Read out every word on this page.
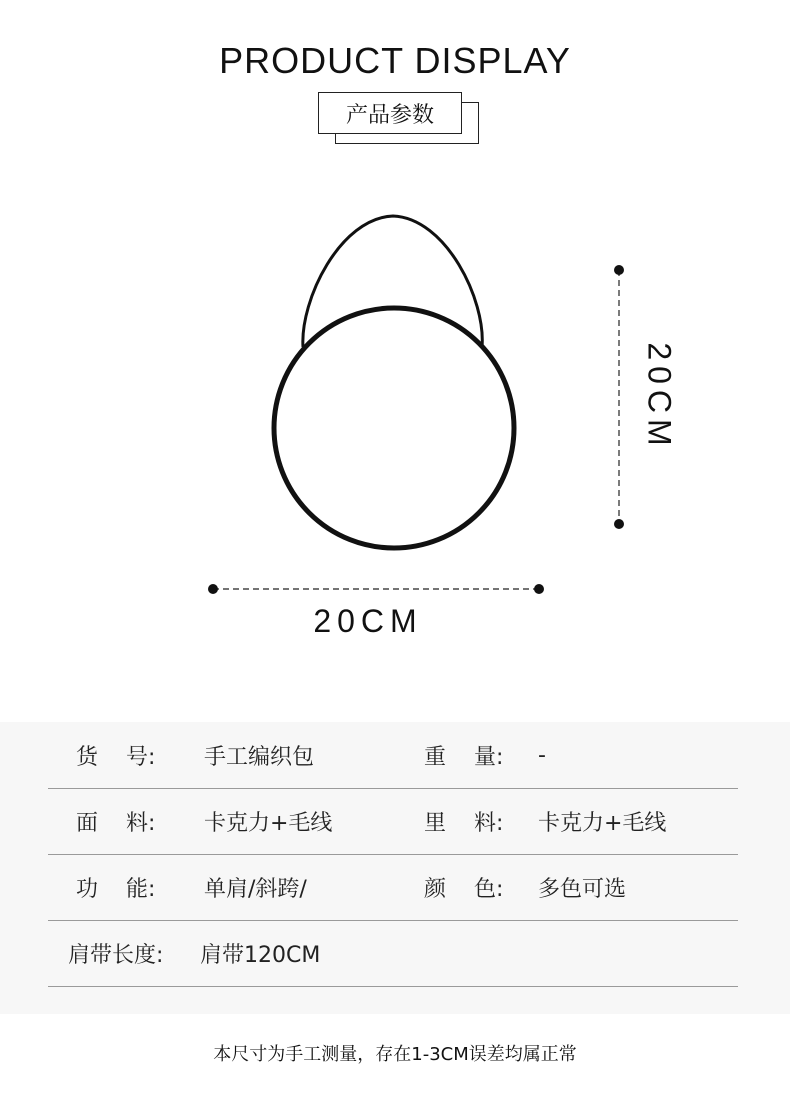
PRODUCT DISPLAY
产品参数
20CM
20CM
货 号: 手工编织包	重 量: -
面 料: 卡克力+毛线	里 料: 卡克力+毛线
功 能: 单肩/斜跨/	颜 色: 多色可选
肩带长度: 肩带120CM
本尺寸为手工测量，存在1-3CM误差均属正常
